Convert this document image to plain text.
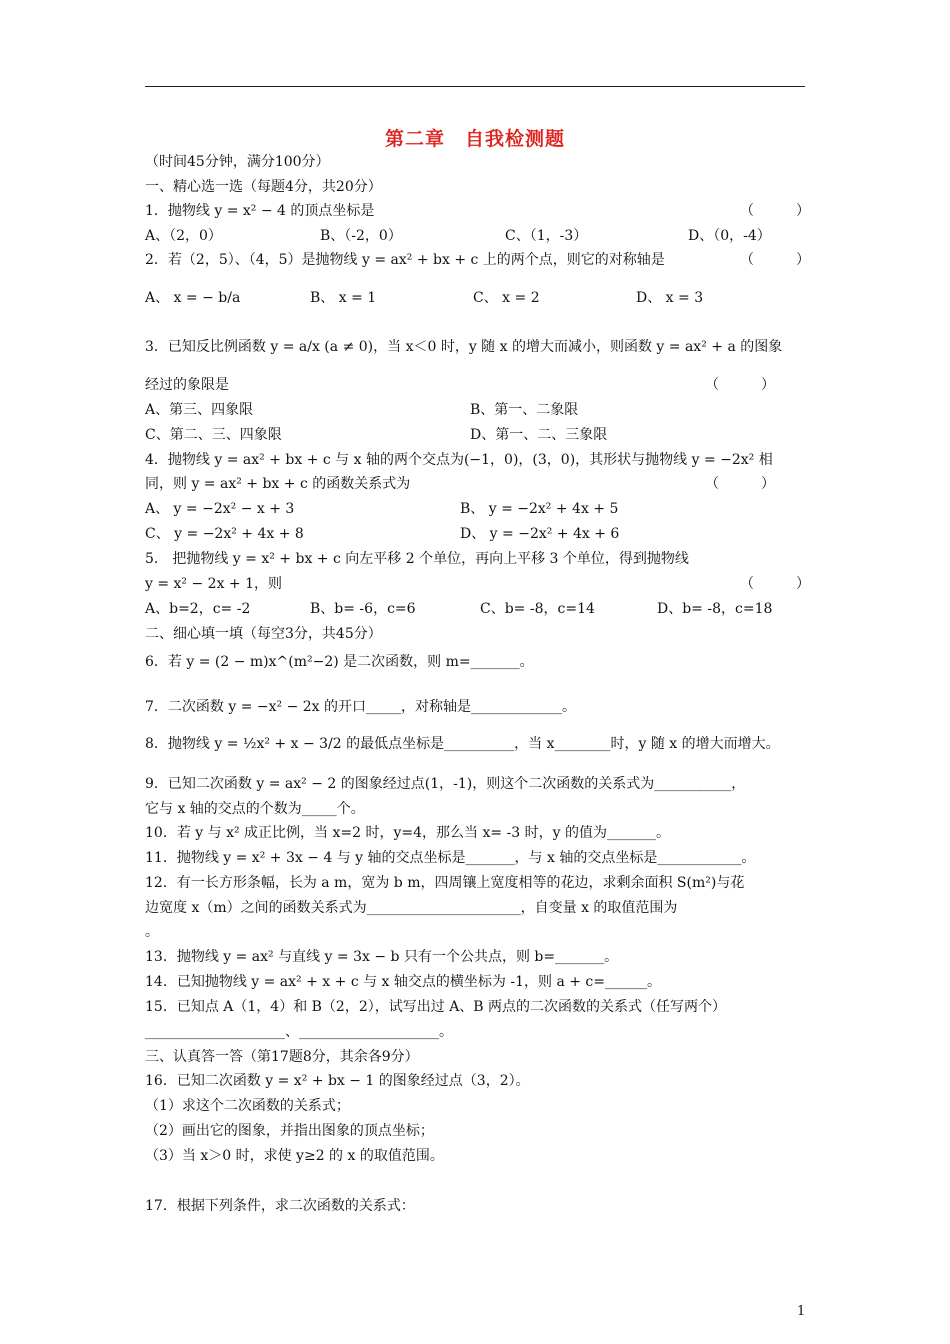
第二章　自我检测题
（时间45分钟，满分100分）
一、精心选一选（每题4分，共20分）
1．抛物线 y = x² − 4 的顶点坐标是	（　　　）
A、（2，0）	B、（-2，0）	C、（1，-3）	D、（0，-4）
2．若（2，5）、（4，5）是抛物线 y = ax² + bx + c 上的两个点，则它的对称轴是	（　　　）
A、 x = − b/a	B、 x = 1	C、 x = 2	D、 x = 3
3．已知反比例函数 y = a/x (a ≠ 0)，当 x＜0 时，y 随 x 的增大而减小，则函数 y = ax² + a 的图象
经过的象限是	（　　　）
A、第三、四象限	B、第一、二象限
C、第二、三、四象限	D、第一、二、三象限
4．抛物线 y = ax² + bx + c 与 x 轴的两个交点为(−1，0)，(3，0)，其形状与抛物线 y = −2x² 相
同，则 y = ax² + bx + c 的函数关系式为	（　　　）
A、 y = −2x² − x + 3	B、 y = −2x² + 4x + 5
C、 y = −2x² + 4x + 8	D、 y = −2x² + 4x + 6
5． 把抛物线 y = x² + bx + c 向左平移 2 个单位，再向上平移 3 个单位，得到抛物线
y = x² − 2x + 1，则	（　　　）
A、b=2，c= -2	B、b= -6，c=6	C、b= -8，c=14	D、b= -8，c=18
二、细心填一填（每空3分，共45分）
6．若 y = (2 − m)x^(m²−2) 是二次函数，则 m=_______。
7．二次函数 y = −x² − 2x 的开口_____，对称轴是_____________。
8．抛物线 y = ½x² + x − 3/2 的最低点坐标是__________，当 x________时，y 随 x 的增大而增大。
9．已知二次函数 y = ax² − 2 的图象经过点(1，-1)，则这个二次函数的关系式为___________，
它与 x 轴的交点的个数为_____个。
10．若 y 与 x² 成正比例，当 x=2 时，y=4，那么当 x= -3 时，y 的值为_______。
11．抛物线 y = x² + 3x − 4 与 y 轴的交点坐标是_______，与 x 轴的交点坐标是____________。
12．有一长方形条幅，长为 a m，宽为 b m，四周镶上宽度相等的花边，求剩余面积 S(m²)与花
边宽度 x（m）之间的函数关系式为______________________，自变量 x 的取值范围为
。
13．抛物线 y = ax² 与直线 y = 3x − b 只有一个公共点，则 b=_______。
14．已知抛物线 y = ax² + x + c 与 x 轴交点的横坐标为 -1，则 a + c=______。
15．已知点 A（1，4）和 B（2，2），试写出过 A、B 两点的二次函数的关系式（任写两个）
____________________、____________________。
三、认真答一答（第17题8分，其余各9分）
16．已知二次函数 y = x² + bx − 1 的图象经过点（3，2）。
（1）求这个二次函数的关系式；
（2）画出它的图象，并指出图象的顶点坐标；
（3）当 x＞0 时，求使 y≥2 的 x 的取值范围。
17．根据下列条件，求二次函数的关系式：
1
